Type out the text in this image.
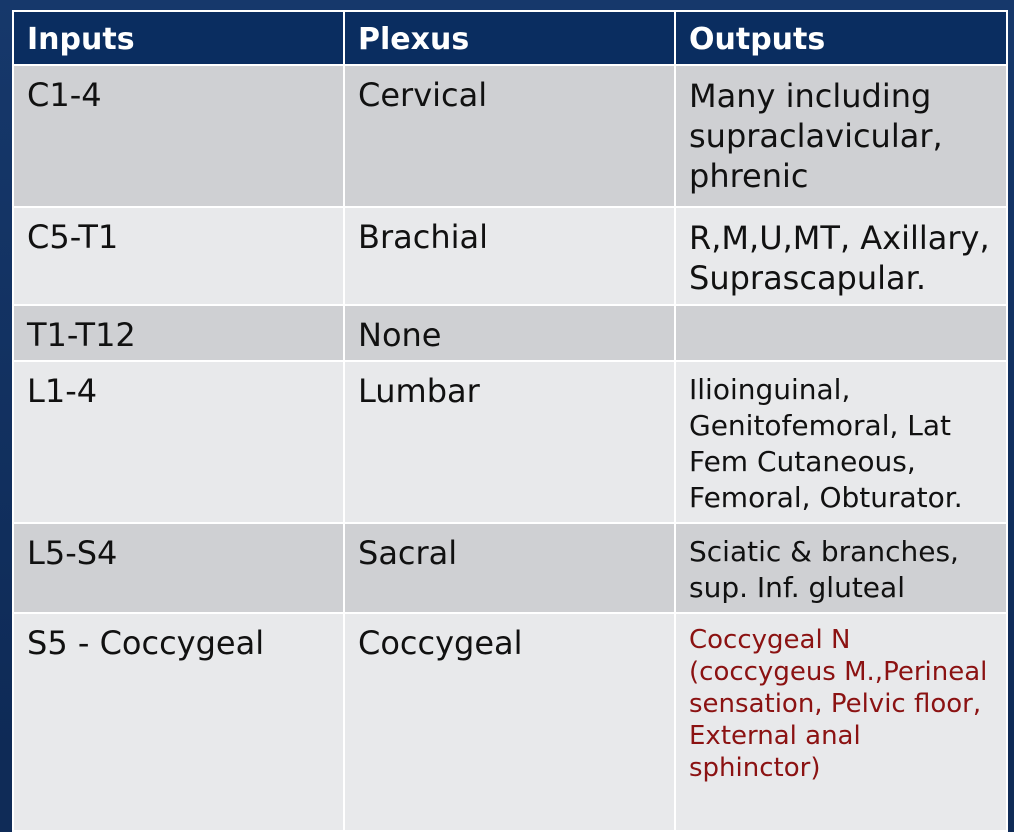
Inputs	Plexus	Outputs
C1-4	Cervical	Many including supraclavicular, phrenic
C5-T1	Brachial	R,M,U,MT, Axillary, Suprascapular.
T1-T12	None	
L1-4	Lumbar	Ilioinguinal, Genitofemoral, Lat Fem Cutaneous, Femoral, Obturator.
L5-S4	Sacral	Sciatic & branches, sup. Inf. gluteal
S5 - Coccygeal	Coccygeal	Coccygeal N (coccygeus M.,Perineal sensation, Pelvic floor, External anal sphinctor)
